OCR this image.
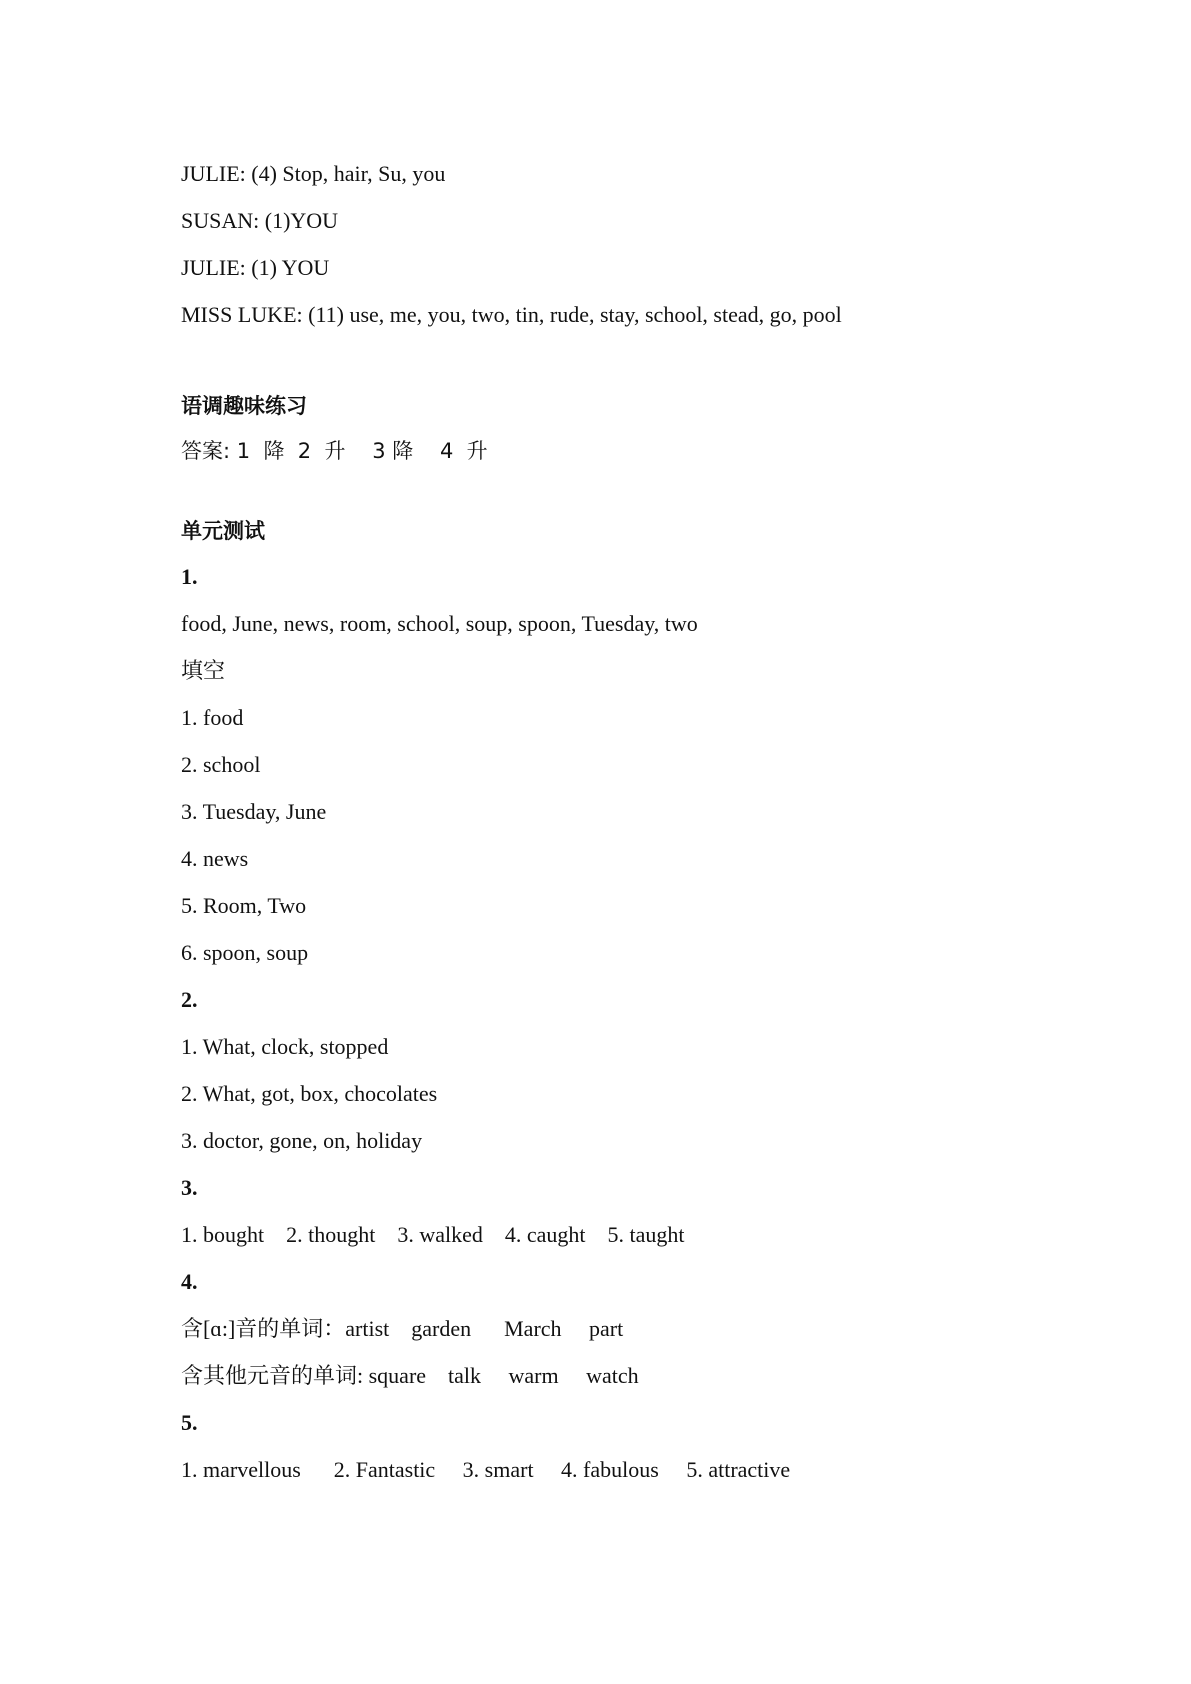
JULIE: (4) Stop, hair, Su, you
SUSAN: (1)YOU
JULIE: (1) YOU
MISS LUKE: (11) use, me, you, two, tin, rude, stay, school, stead, go, pool
语调趣味练习
答案: 1  降  2  升    3 降    4  升
单元测试
1.
food, June, news, room, school, soup, spoon, Tuesday, two
填空
1. food
2. school
3. Tuesday, June
4. news
5. Room, Two
6. spoon, soup
2.
1. What, clock, stopped
2. What, got, box, chocolates
3. doctor, gone, on, holiday
3.
1. bought    2. thought    3. walked    4. caught    5. taught
4.
含[ɑ:]音的单词：artist    garden      March     part
含其他元音的单词: square    talk     warm     watch
5.
1. marvellous      2. Fantastic     3. smart     4. fabulous     5. attractive
